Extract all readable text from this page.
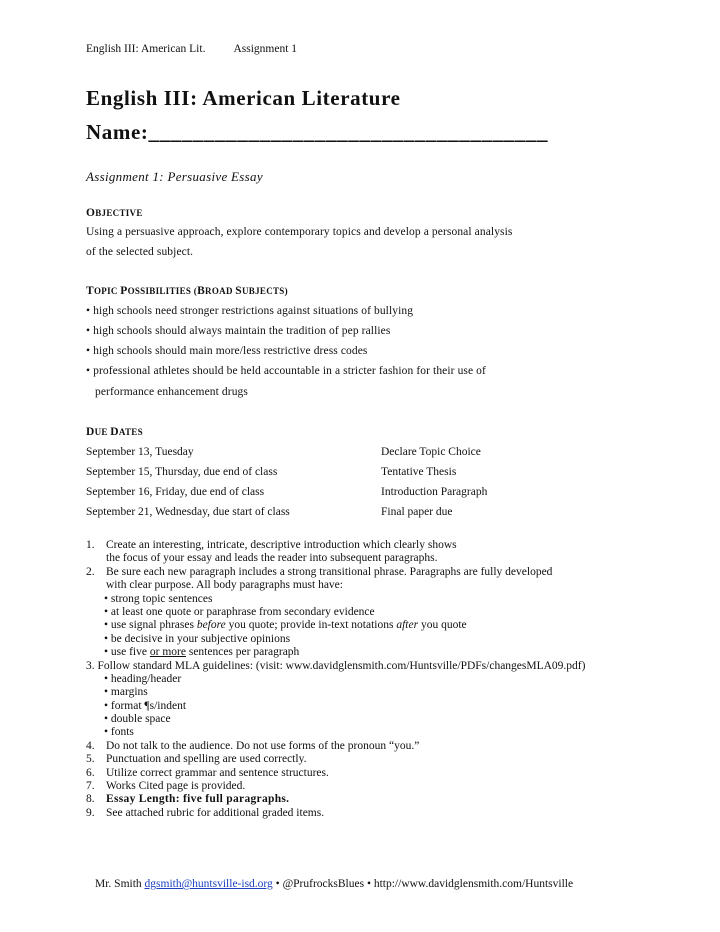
English III: American Lit. Assignment 1
English III: American Literature
Name:____________________________________
Assignment 1: Persuasive Essay
OBJECTIVE
Using a persuasive approach, explore contemporary topics and develop a personal analysis
of the selected subject.
TOPIC POSSIBILITIES (BROAD SUBJECTS)
• high schools need stronger restrictions against situations of bullying
• high schools should always maintain the tradition of pep rallies
• high schools should main more/less restrictive dress codes
• professional athletes should be held accountable in a stricter fashion for their use of
performance enhancement drugs
DUE DATES
September 13, Tuesday	Declare Topic Choice
September 15, Thursday, due end of class	Tentative Thesis
September 16, Friday, due end of class	Introduction Paragraph
September 21, Wednesday, due start of class	Final paper due
1. Create an interesting, intricate, descriptive introduction which clearly shows
the focus of your essay and leads the reader into subsequent paragraphs.
2. Be sure each new paragraph includes a strong transitional phrase. Paragraphs are fully developed
with clear purpose. All body paragraphs must have:
• strong topic sentences
• at least one quote or paraphrase from secondary evidence
• use signal phrases before you quote; provide in-text notations after you quote
• be decisive in your subjective opinions
• use five or more sentences per paragraph
3. Follow standard MLA guidelines: (visit: www.davidglensmith.com/Huntsville/PDFs/changesMLA09.pdf)
• heading/header
• margins
• format ¶s/indent
• double space
• fonts
4. Do not talk to the audience. Do not use forms of the pronoun “you.”
5. Punctuation and spelling are used correctly.
6. Utilize correct grammar and sentence structures.
7. Works Cited page is provided.
8. Essay Length: five full paragraphs.
9. See attached rubric for additional graded items.
Mr. Smith dgsmith@huntsville-isd.org • @PrufrocksBlues • http://www.davidglensmith.com/Huntsville
